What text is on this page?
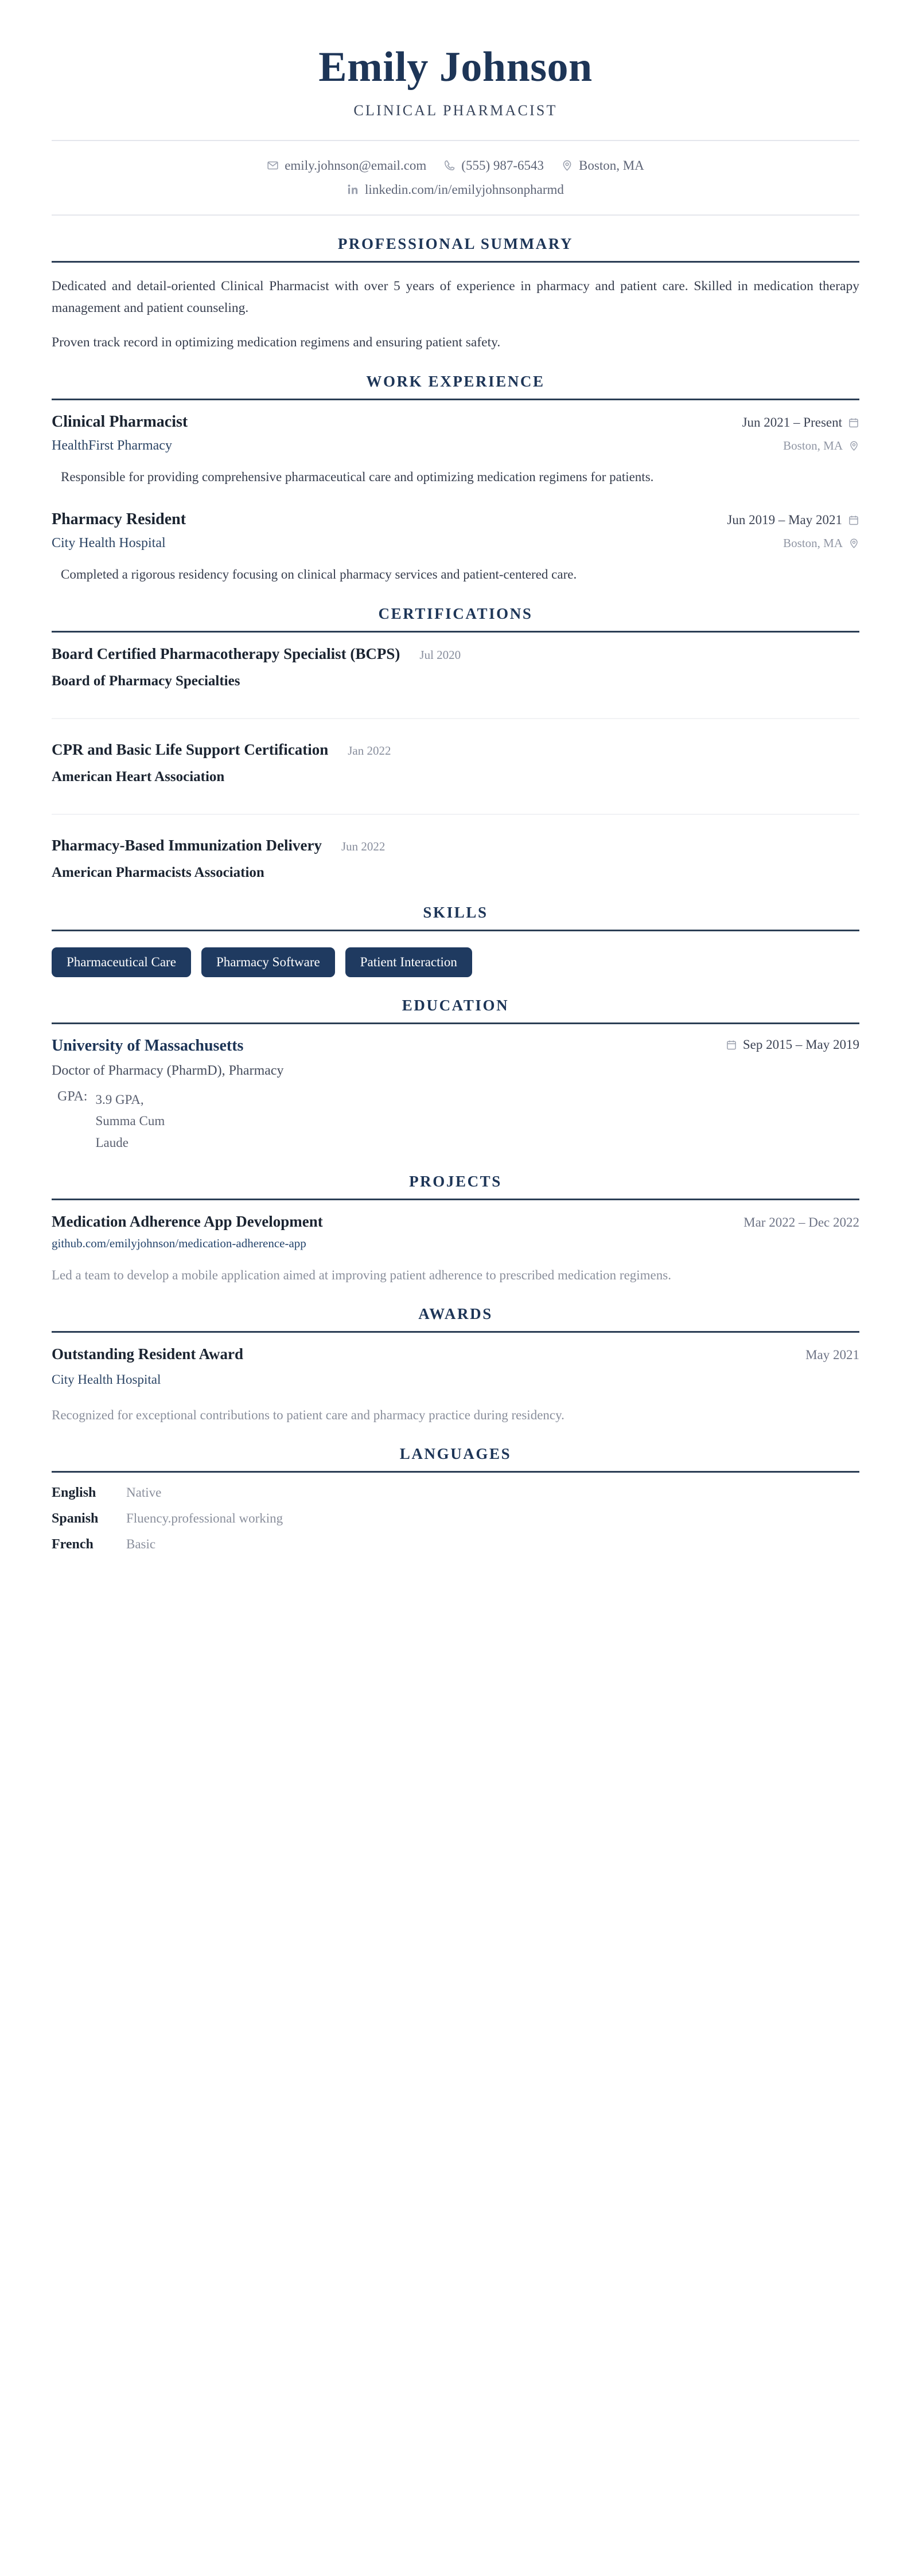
Emily Johnson
CLINICAL PHARMACIST
emily.johnson@email.com	(555) 987-6543	Boston, MA
linkedin.com/in/emilyjohnsonpharmd
PROFESSIONAL SUMMARY

Dedicated and detail-oriented Clinical Pharmacist with over 5 years of experience in pharmacy and patient care. Skilled in medication therapy management and patient counseling.

Proven track record in optimizing medication regimens and ensuring patient safety.

WORK EXPERIENCE
Clinical Pharmacist	Jun 2021 – Present
HealthFirst Pharmacy	Boston, MA
Responsible for providing comprehensive pharmaceutical care and optimizing medication regimens for patients.
Pharmacy Resident	Jun 2019 – May 2021
City Health Hospital	Boston, MA
Completed a rigorous residency focusing on clinical pharmacy services and patient-centered care.
CERTIFICATIONS
Board Certified Pharmacotherapy Specialist (BCPS) Jul 2020
Board of Pharmacy Specialties
CPR and Basic Life Support Certification Jan 2022
American Heart Association
Pharmacy-Based Immunization Delivery Jun 2022
American Pharmacists Association
SKILLS
Pharmaceutical Care	Pharmacy Software	Patient Interaction
EDUCATION
University of Massachusetts	Sep 2015 – May 2019
Doctor of Pharmacy (PharmD), Pharmacy
GPA: 3.9 GPA, Summa Cum Laude
PROJECTS
Medication Adherence App Development	Mar 2022 – Dec 2022
github.com/emilyjohnson/medication-adherence-app
Led a team to develop a mobile application aimed at improving patient adherence to prescribed medication regimens.
AWARDS
Outstanding Resident Award	May 2021
City Health Hospital
Recognized for exceptional contributions to patient care and pharmacy practice during residency.
LANGUAGES
English	Native
Spanish	Fluency.professional working
French	Basic
